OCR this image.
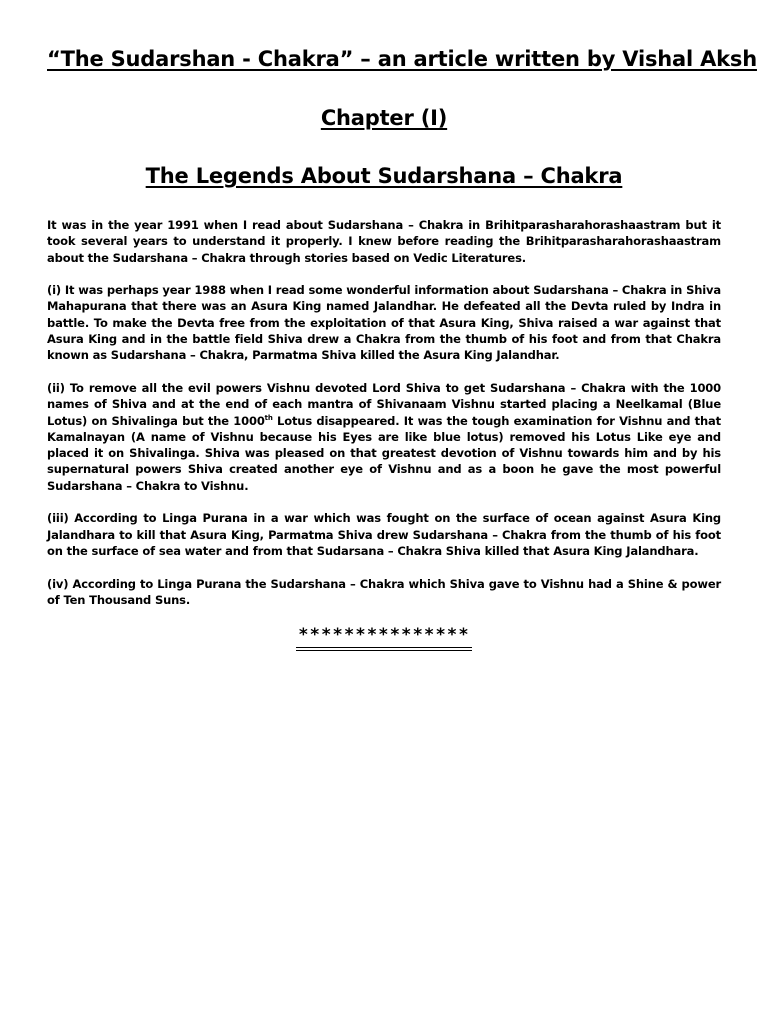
“The Sudarshan - Chakra” – an article written by Vishal Aksh
Chapter (I)
The Legends About Sudarshana – Chakra

It was in the year 1991 when I read about Sudarshana – Chakra in Brihitparasharahorashaastram but it took several years to understand it properly. I knew before reading the Brihitparasharahorashaastram about the Sudarshana – Chakra through stories based on Vedic Literatures.

(i) It was perhaps year 1988 when I read some wonderful information about Sudarshana – Chakra in Shiva Mahapurana that there was an Asura King named Jalandhar. He defeated all the Devta ruled by Indra in battle. To make the Devta free from the exploitation of that Asura King, Shiva raised a war against that Asura King and in the battle field Shiva drew a Chakra from the thumb of his foot and from that Chakra known as Sudarshana – Chakra, Parmatma Shiva killed the Asura King Jalandhar.

(ii) To remove all the evil powers Vishnu devoted Lord Shiva to get Sudarshana – Chakra with the 1000 names of Shiva and at the end of each mantra of Shivanaam Vishnu started placing a Neelkamal (Blue Lotus) on Shivalinga but the 1000th Lotus disappeared. It was the tough examination for Vishnu and that Kamalnayan (A name of Vishnu because his Eyes are like blue lotus) removed his Lotus Like eye and placed it on Shivalinga. Shiva was pleased on that greatest devotion of Vishnu towards him and by his supernatural powers Shiva created another eye of Vishnu and as a boon he gave the most powerful Sudarshana – Chakra to Vishnu.

(iii) According to Linga Purana in a war which was fought on the surface of ocean against Asura King Jalandhara to kill that Asura King, Parmatma Shiva drew Sudarshana – Chakra from the thumb of his foot on the surface of sea water and from that Sudarsana – Chakra Shiva killed that Asura King Jalandhara.

(iv) According to Linga Purana the Sudarshana – Chakra which Shiva gave to Vishnu had a Shine & power of Ten Thousand Suns.

***************
